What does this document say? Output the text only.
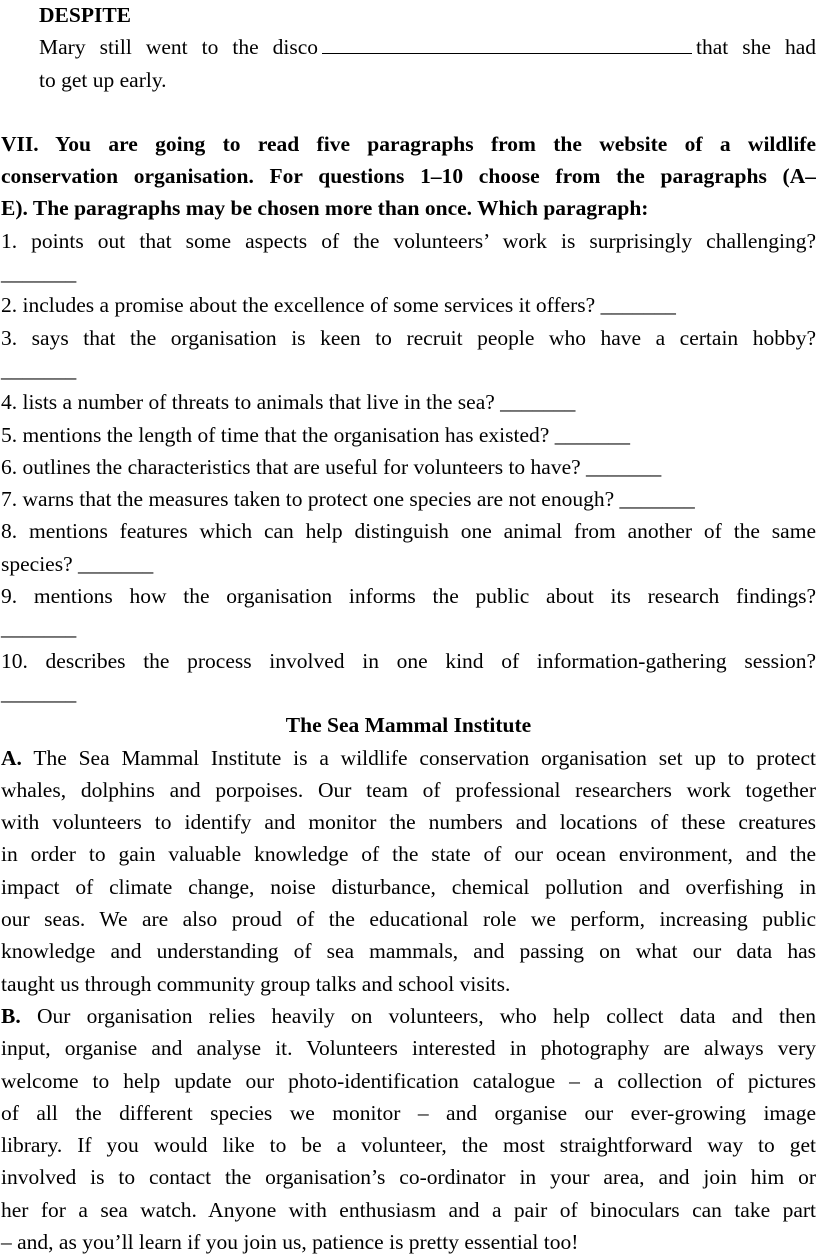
DESPITE

Mary still went to the disco	that she had

to get up early.

VII. You are going to read five paragraphs from the website of a wildlife

conservation organisation. For questions 1–10 choose from the paragraphs (A–

E). The paragraphs may be chosen more than once. Which paragraph:

1. points out that some aspects of the volunteers’ work is surprisingly challenging?

_______

2. includes a promise about the excellence of some services it offers? _______

3. says that the organisation is keen to recruit people who have a certain hobby?

_______

4. lists a number of threats to animals that live in the sea? _______

5. mentions the length of time that the organisation has existed? _______

6. outlines the characteristics that are useful for volunteers to have? _______

7. warns that the measures taken to protect one species are not enough? _______

8. mentions features which can help distinguish one animal from another of the same

species? _______

9. mentions how the organisation informs the public about its research findings?

_______

10. describes the process involved in one kind of information-gathering session?

_______

The Sea Mammal Institute

A. The Sea Mammal Institute is a wildlife conservation organisation set up to protect

whales, dolphins and porpoises. Our team of professional researchers work together

with volunteers to identify and monitor the numbers and locations of these creatures

in order to gain valuable knowledge of the state of our ocean environment, and the

impact of climate change, noise disturbance, chemical pollution and overfishing in

our seas. We are also proud of the educational role we perform, increasing public

knowledge and understanding of sea mammals, and passing on what our data has

taught us through community group talks and school visits.

B. Our organisation relies heavily on volunteers, who help collect data and then

input, organise and analyse it. Volunteers interested in photography are always very

welcome to help update our photo-identification catalogue – a collection of pictures

of all the different species we monitor – and organise our ever-growing image

library. If you would like to be a volunteer, the most straightforward way to get

involved is to contact the organisation’s co-ordinator in your area, and join him or

her for a sea watch. Anyone with enthusiasm and a pair of binoculars can take part

– and, as you’ll learn if you join us, patience is pretty essential too!
